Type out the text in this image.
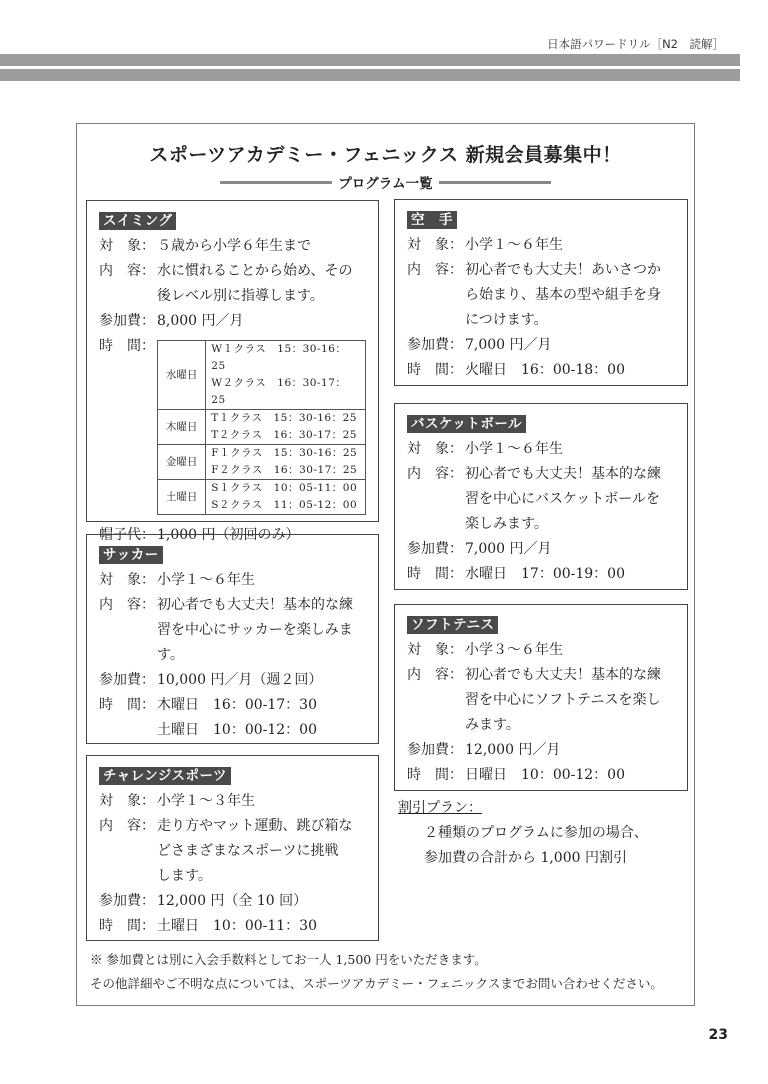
日本語パワードリル［N2　読解］
スポーツアカデミー・フェニックス 新規会員募集中！
プログラム一覧
スイミング
対　象： ５歳から小学６年生まで
内　容： 水に慣れることから始め、その
後レベル別に指導します。
参加費： 8,000 円／月
時　間：
水曜日	W１クラス　15：30-16：25
W２クラス　16：30-17：25

木曜日	T１クラス　15：30-16：25
T２クラス　16：30-17：25

金曜日	F１クラス　15：30-16：25
F２クラス　16：30-17：25

土曜日	S１クラス　10：05-11：00
S２クラス　11：05-12：00
帽子代： 1,000 円（初回のみ）
サッカー
対　象： 小学１～６年生
内　容： 初心者でも大丈夫！基本的な練
習を中心にサッカーを楽しみま
す。
参加費： 10,000 円／月（週２回）
時　間： 木曜日　16：00-17：30
土曜日　10：00-12：00
チャレンジスポーツ
対　象： 小学１～３年生
内　容： 走り方やマット運動、跳び箱な
どさまざまなスポーツに挑戦
します。
参加費： 12,000 円（全 10 回）
時　間： 土曜日　10：00-11：30
空　手
対　象： 小学１～６年生
内　容： 初心者でも大丈夫！あいさつか
ら始まり、基本の型や組手を身
につけます。
参加費： 7,000 円／月
時　間： 火曜日　16：00-18：00
バスケットボール
対　象： 小学１～６年生
内　容： 初心者でも大丈夫！基本的な練
習を中心にバスケットボールを
楽しみます。
参加費： 7,000 円／月
時　間： 水曜日　17：00-19：00
ソフトテニス
対　象： 小学３～６年生
内　容： 初心者でも大丈夫！基本的な練
習を中心にソフトテニスを楽し
みます。
参加費： 12,000 円／月
時　間： 日曜日　10：00-12：00
割引プラン：
２種類のプログラムに参加の場合、
参加費の合計から 1,000 円割引
※ 参加費とは別に入会手数料としてお一人 1,500 円をいただきます。
その他詳細やご不明な点については、スポーツアカデミー・フェニックスまでお問い合わせください。
23
